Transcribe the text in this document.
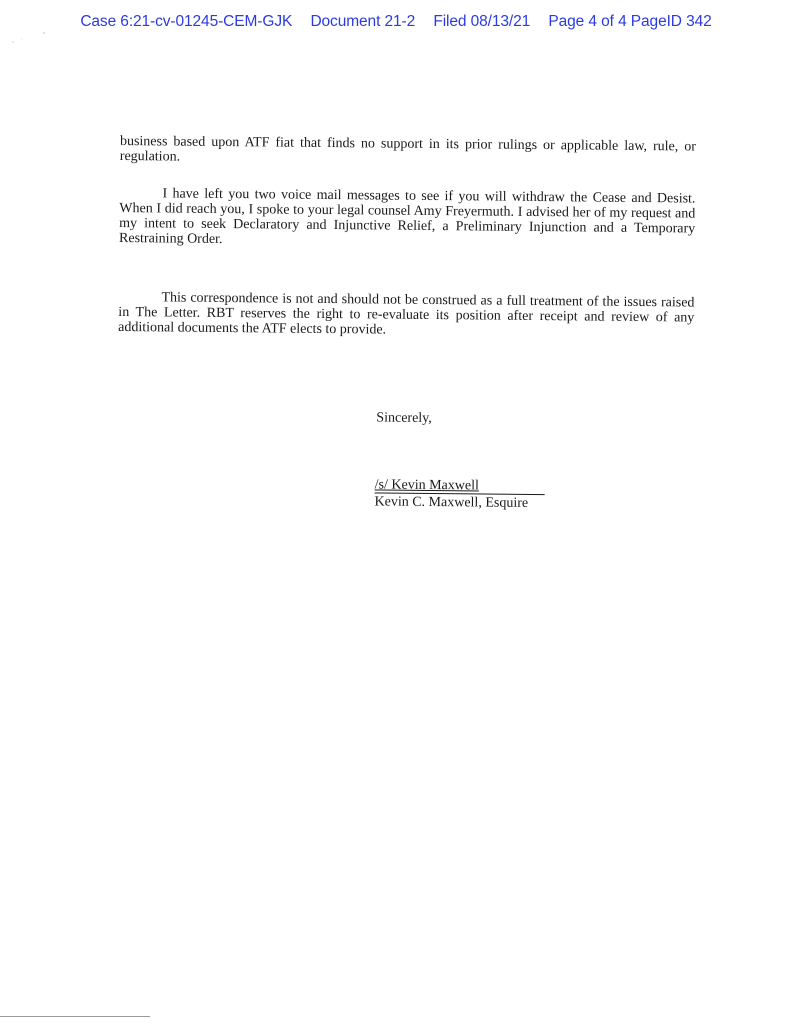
Case 6:21-cv-01245-CEM-GJK Document 21-2 Filed 08/13/21 Page 4 of 4 PageID 342

business based upon ATF fiat that finds no support in its prior rulings or applicable law, rule, or regulation.

I have left you two voice mail messages to see if you will withdraw the Cease and Desist. When I did reach you, I spoke to your legal counsel Amy Freyermuth. I advised her of my request and my intent to seek Declaratory and Injunctive Relief, a Preliminary Injunction and a Temporary Restraining Order.

This correspondence is not and should not be construed as a full treatment of the issues raised in The Letter. RBT reserves the right to re-evaluate its position after receipt and review of any additional documents the ATF elects to provide.

Sincerely,
/s/ Kevin Maxwell
Kevin C. Maxwell, Esquire
